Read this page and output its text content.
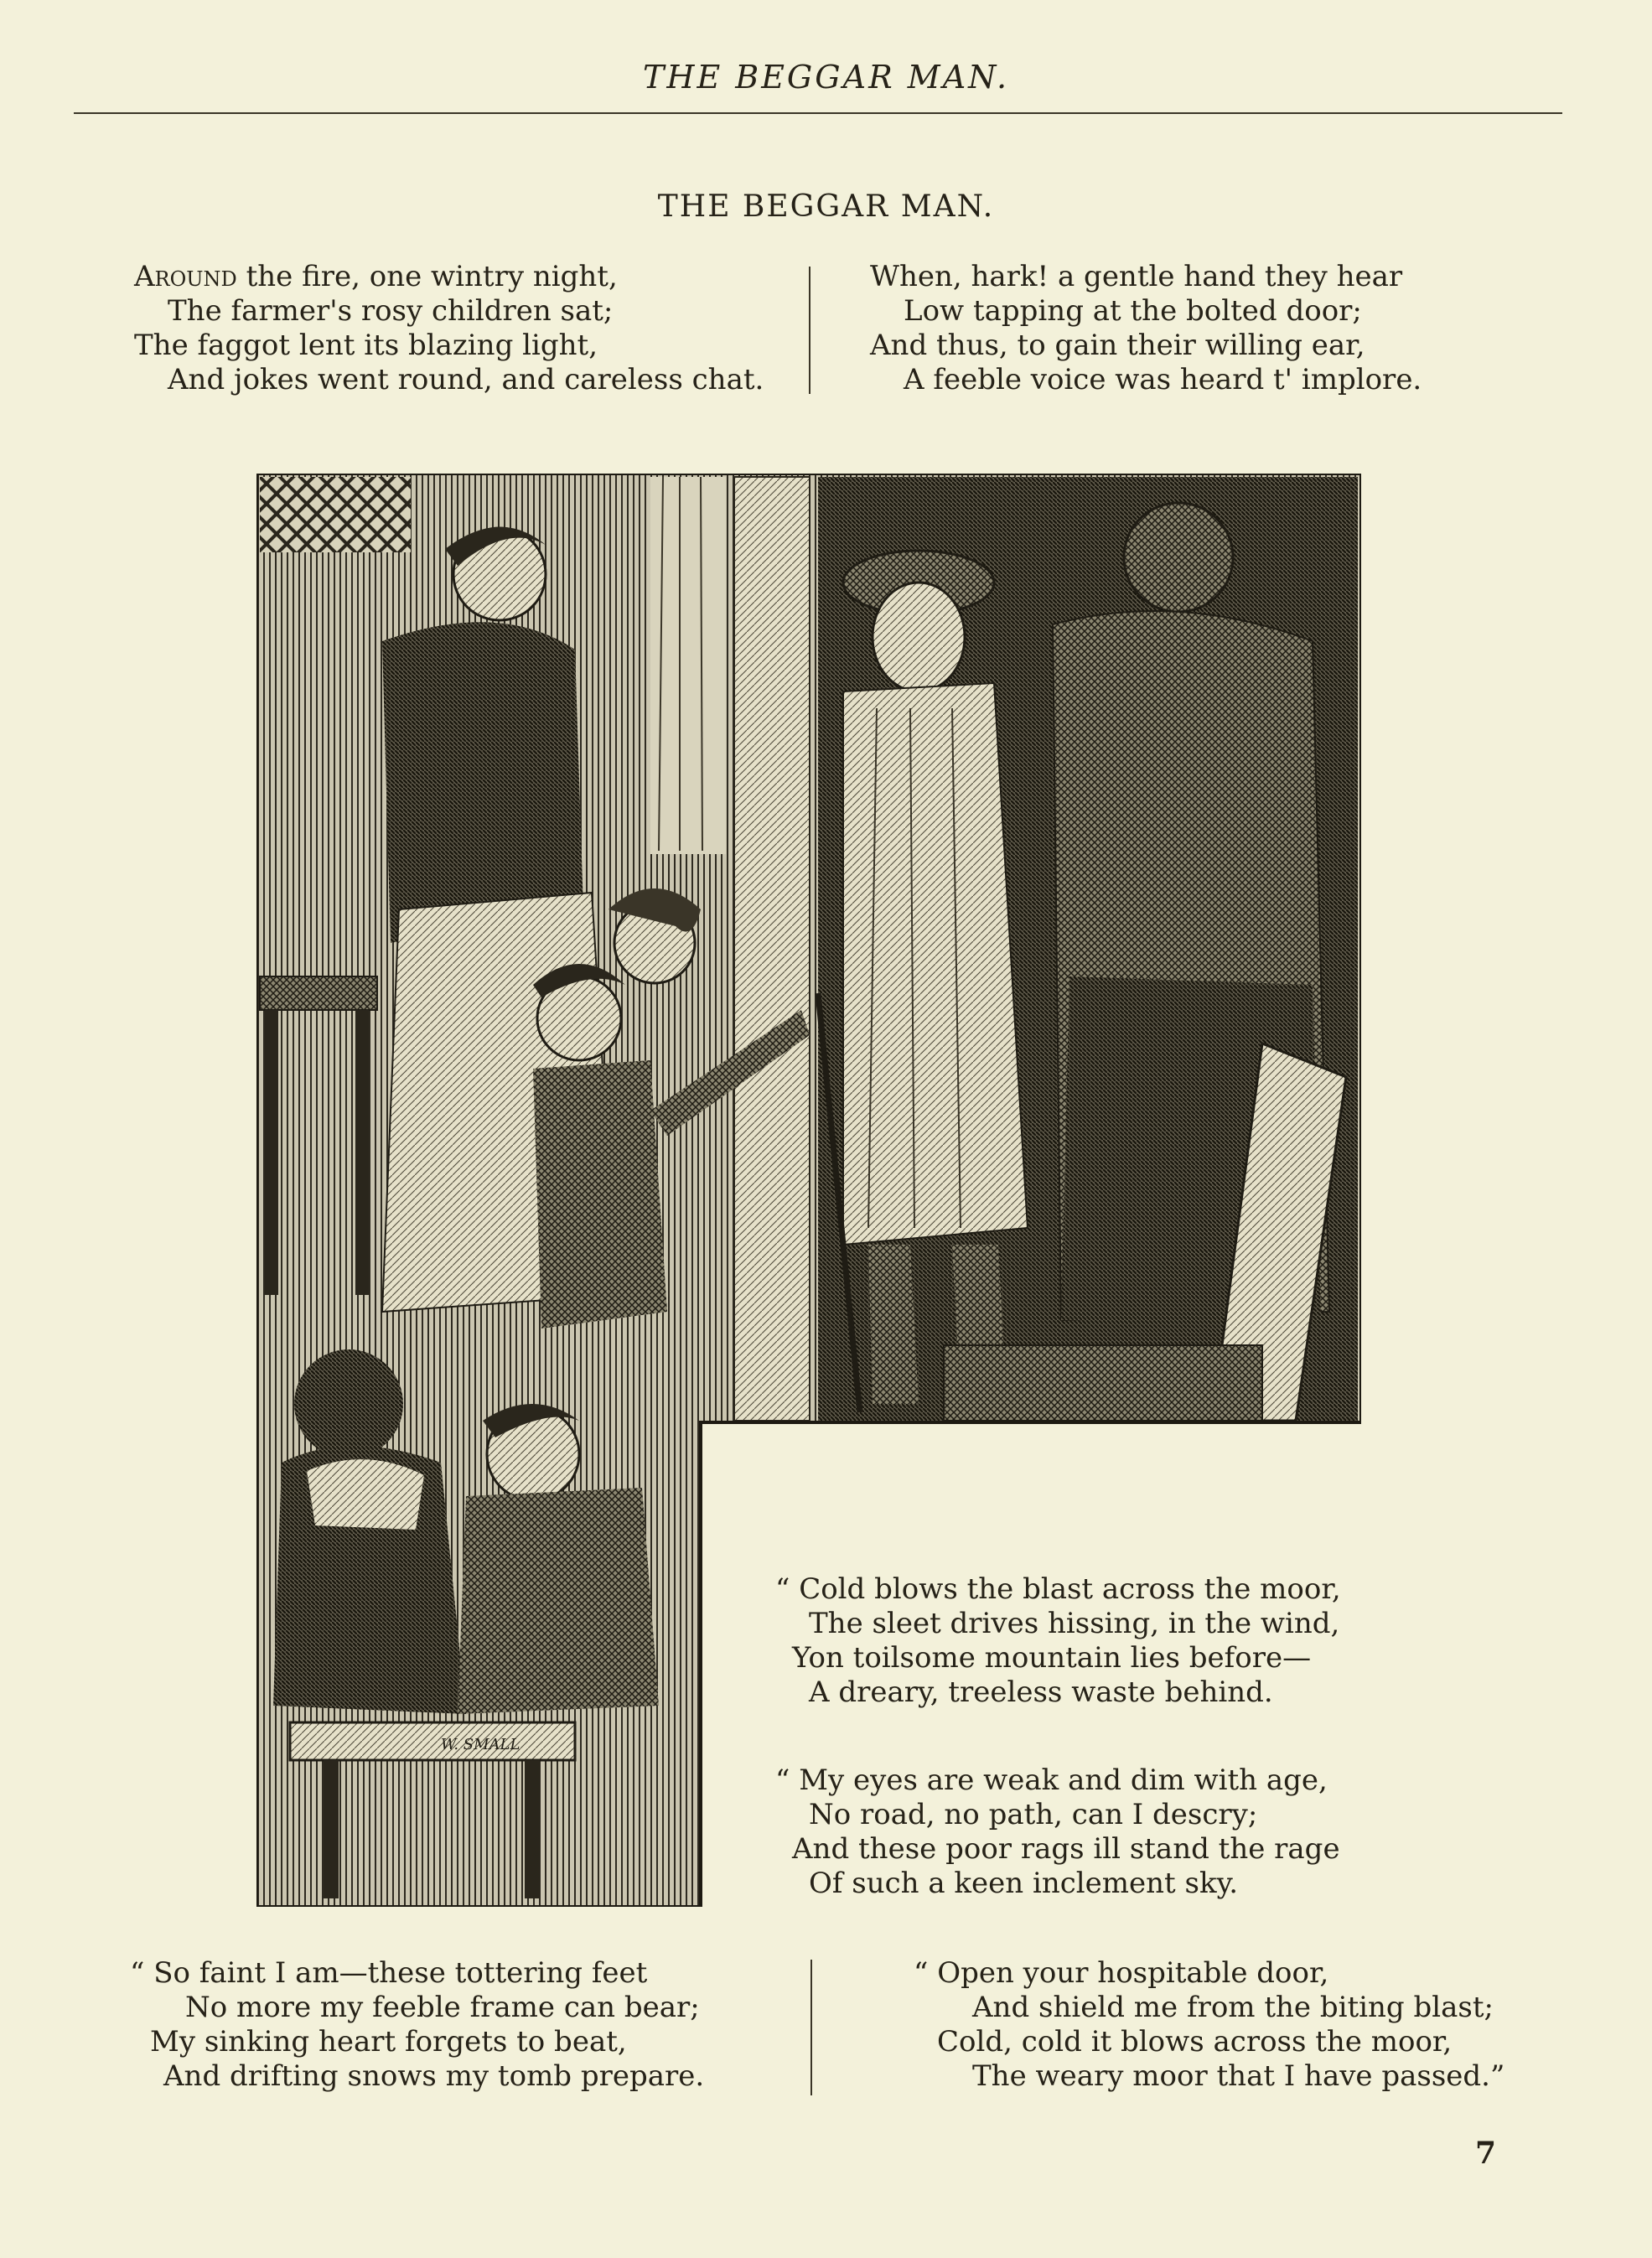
THE BEGGAR MAN.
THE BEGGAR MAN.
Around the fire, one wintry night,
The farmer's rosy children sat;
The faggot lent its blazing light,
And jokes went round, and careless chat.
When, hark! a gentle hand they hear
Low tapping at the bolted door;
And thus, to gain their willing ear,
A feeble voice was heard t' implore.
W. SMALL
“ Cold blows the blast across the moor,
The sleet drives hissing, in the wind,
Yon toilsome mountain lies before—
A dreary, treeless waste behind.
“ My eyes are weak and dim with age,
No road, no path, can I descry;
And these poor rags ill stand the rage
Of such a keen inclement sky.
“ So faint I am—these tottering feet
No more my feeble frame can bear;
My sinking heart forgets to beat,
And drifting snows my tomb prepare.
“ Open your hospitable door,
And shield me from the biting blast;
Cold, cold it blows across the moor,
The weary moor that I have passed.”
7
